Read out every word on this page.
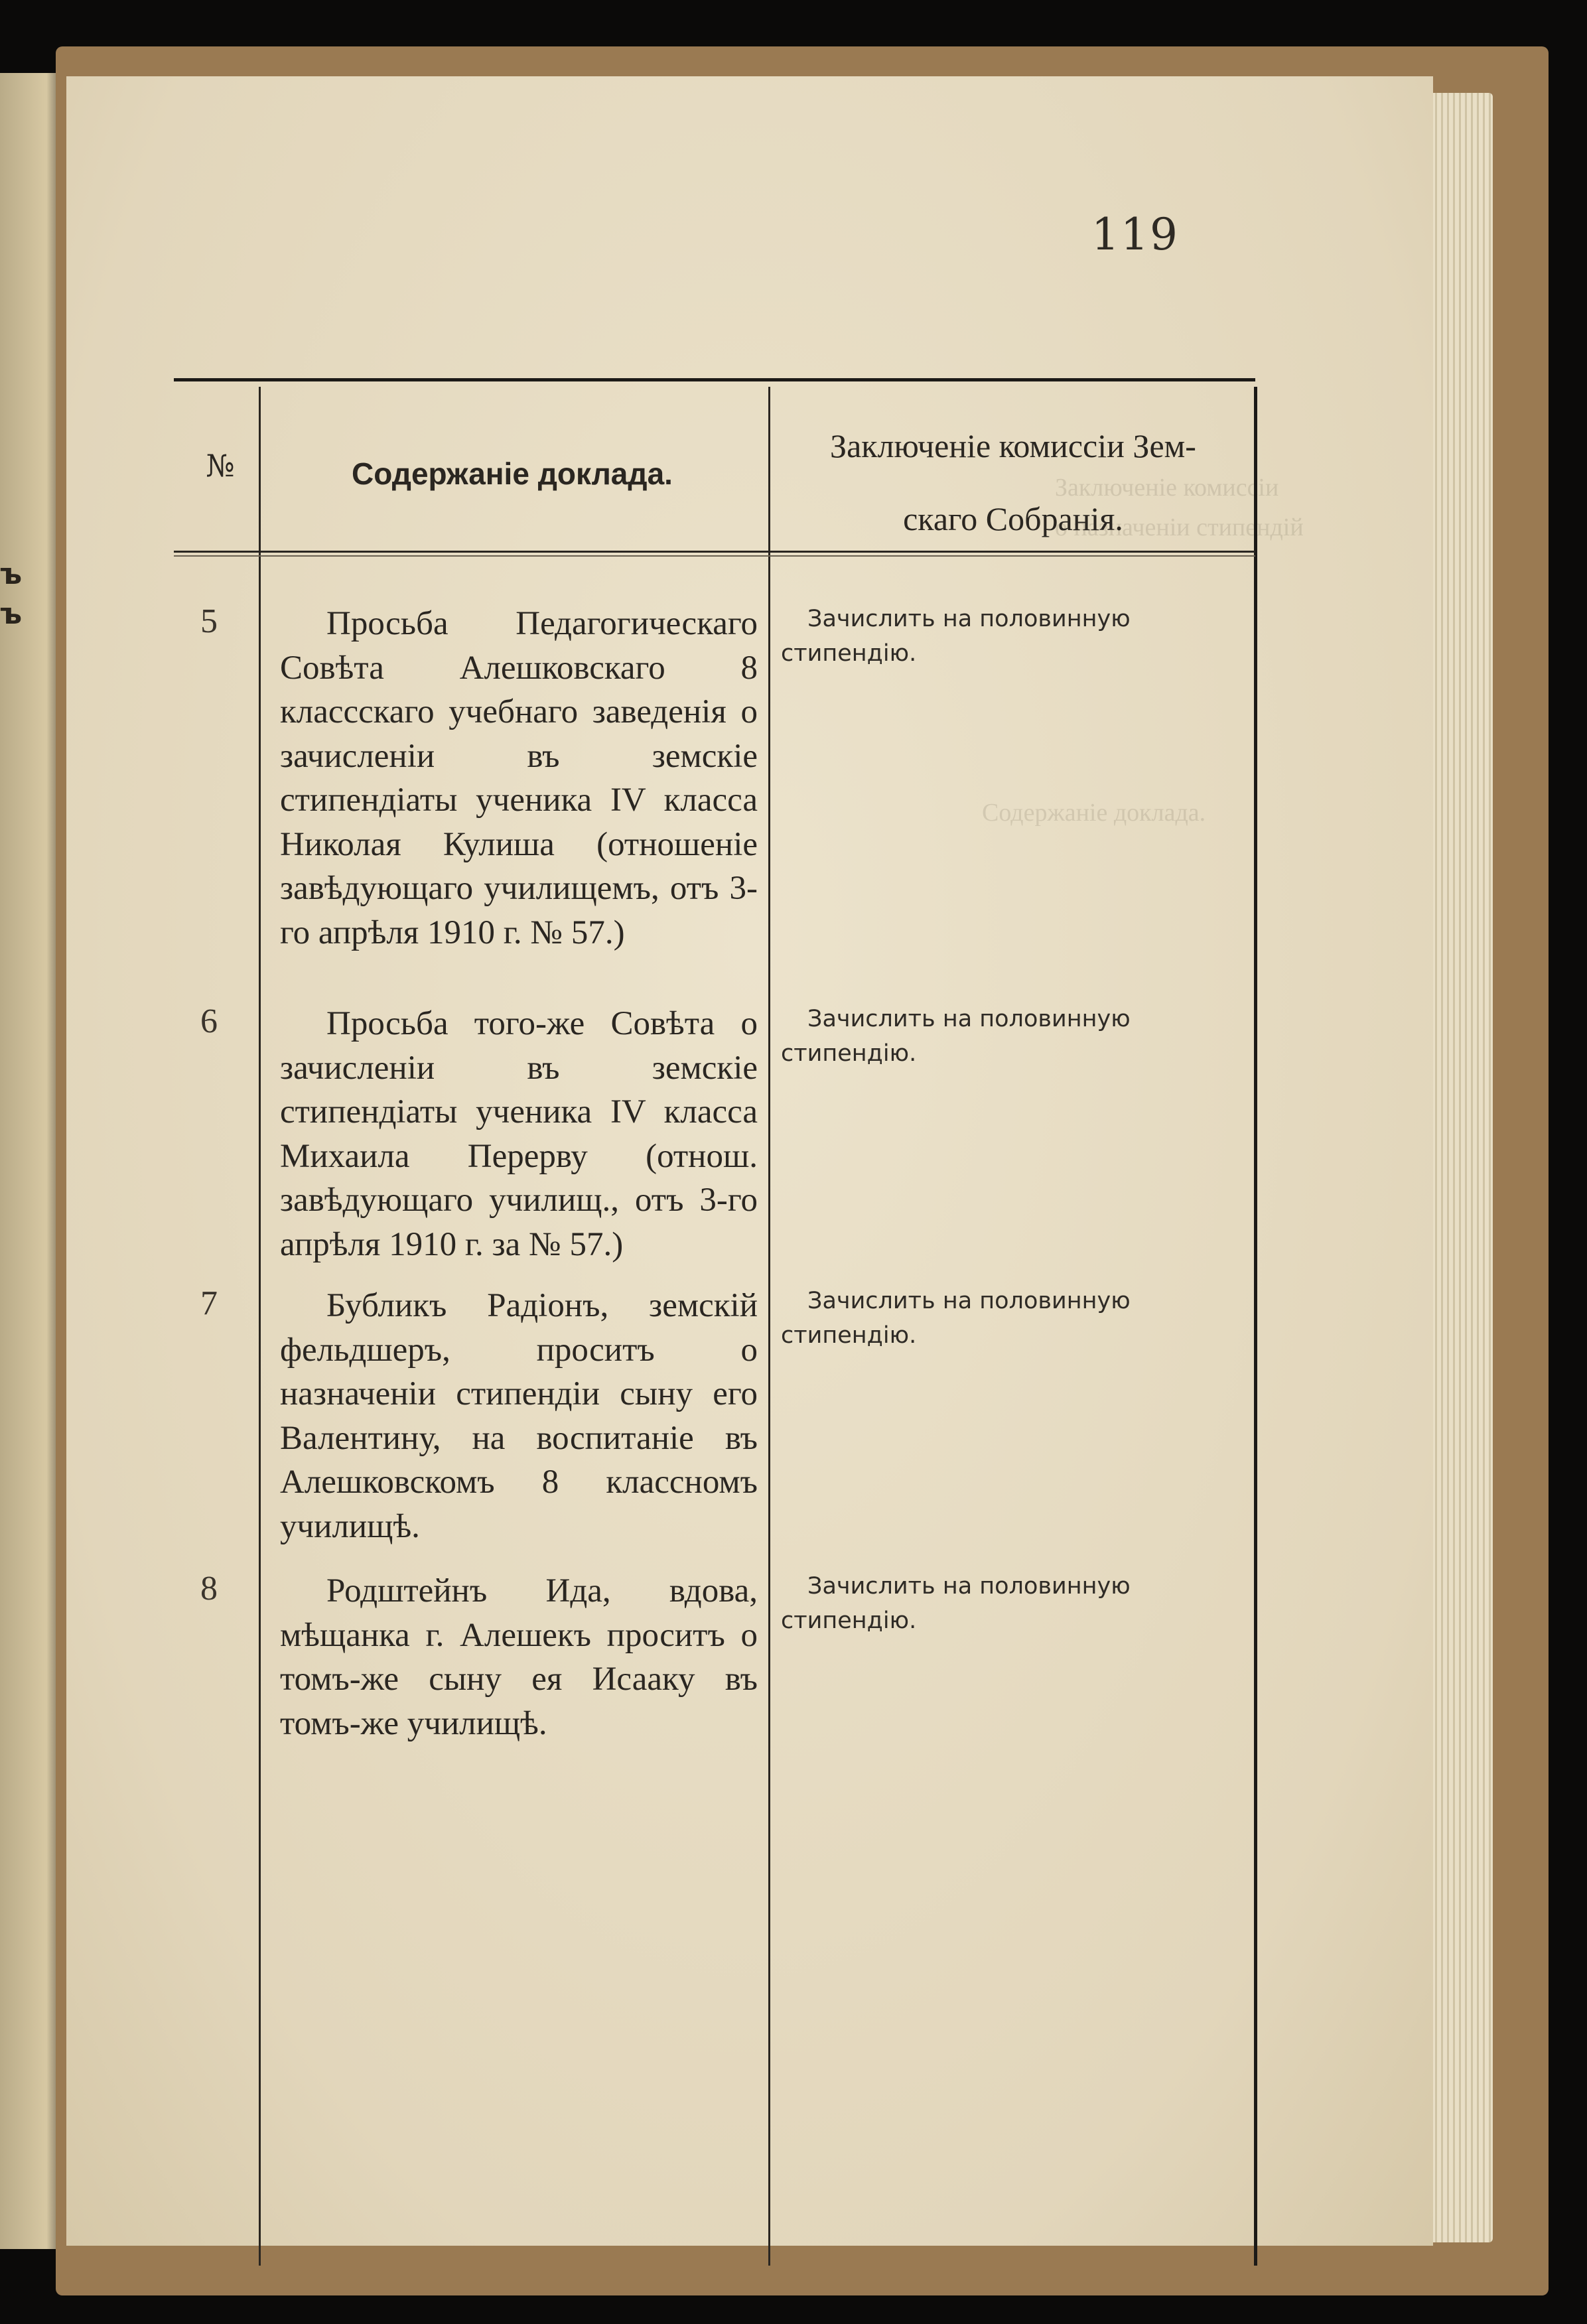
ъ
ъ
Заключеніе комиссіи
о назначеніи стипендій
Содержаніе доклада.
119
№	Содержаніе доклада.
Заключеніе комиссіи Зем-
скаго Собранія.
5	Просьба Педагогическаго Совѣта Алешковскаго 8 классскаго учебнаго заведенія о зачисленіи въ земскіе стипендіаты ученика IV класса Николая Кулиша (отношеніе завѣдующаго училищемъ, отъ 3-го апрѣля 1910 г. № 57.)
Зачислить на половинную стипендію.
6	Просьба того-же Совѣта о зачисленіи въ земскіе стипендіаты ученика IV класса Михаила Перерву (отнош. завѣдующаго училищ., отъ 3-го апрѣля 1910 г. за № 57.)
Зачислить на половинную стипендію.
7	Бубликъ Радіонъ, земскій фельдшеръ, проситъ о назначеніи стипендіи сыну его Валентину, на воспитаніе въ Алешковскомъ 8 классномъ училищѣ.
Зачислить на половинную стипендію.
8	Родштейнъ Ида, вдова, мѣщанка г. Алешекъ проситъ о томъ-же сыну ея Исааку въ томъ-же училищѣ.
Зачислить на половинную стипендію.
